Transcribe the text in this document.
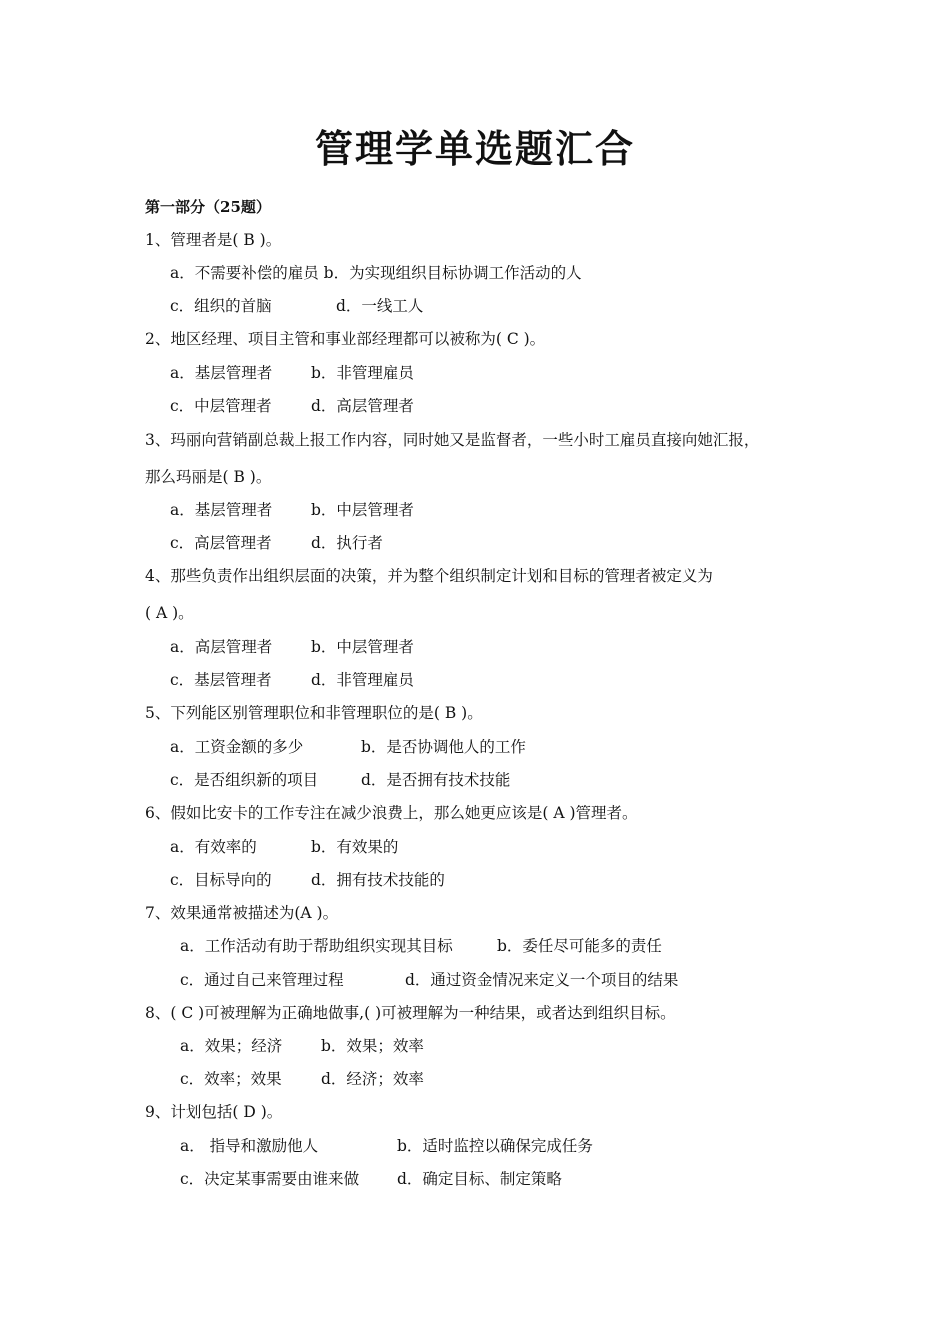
管理学单选题汇合
第一部分（25题）
1、管理者是( B )。
a．不需要补偿的雇员 b．为实现组织目标协调工作活动的人
c．组织的首脑	d．一线工人
2、地区经理、项目主管和事业部经理都可以被称为( C )。
a．基层管理者	b．非管理雇员
c．中层管理者	d．高层管理者
3、玛丽向营销副总裁上报工作内容，同时她又是监督者，一些小时工雇员直接向她汇报，
那么玛丽是( B )。
a．基层管理者	b．中层管理者
c．高层管理者	d．执行者
4、那些负责作出组织层面的决策，并为整个组织制定计划和目标的管理者被定义为
( A )。
a．高层管理者	b．中层管理者
c．基层管理者	d．非管理雇员
5、下列能区别管理职位和非管理职位的是( B )。
a．工资金额的多少	b．是否协调他人的工作
c．是否组织新的项目	d．是否拥有技术技能
6、假如比安卡的工作专注在减少浪费上，那么她更应该是( A )管理者。
a．有效率的	b．有效果的
c．目标导向的	d．拥有技术技能的
7、效果通常被描述为(A )。
a．工作活动有助于帮助组织实现其目标	b．委任尽可能多的责任
c．通过自己来管理过程	d．通过资金情况来定义一个项目的结果
8、( C )可被理解为正确地做事,( )可被理解为一种结果，或者达到组织目标。
a．效果；经济	b．效果；效率
c．效率；效果	d．经济；效率
9、计划包括( D )。
a． 指导和激励他人	b．适时监控以确保完成任务
c．决定某事需要由谁来做 d．确定目标、制定策略
